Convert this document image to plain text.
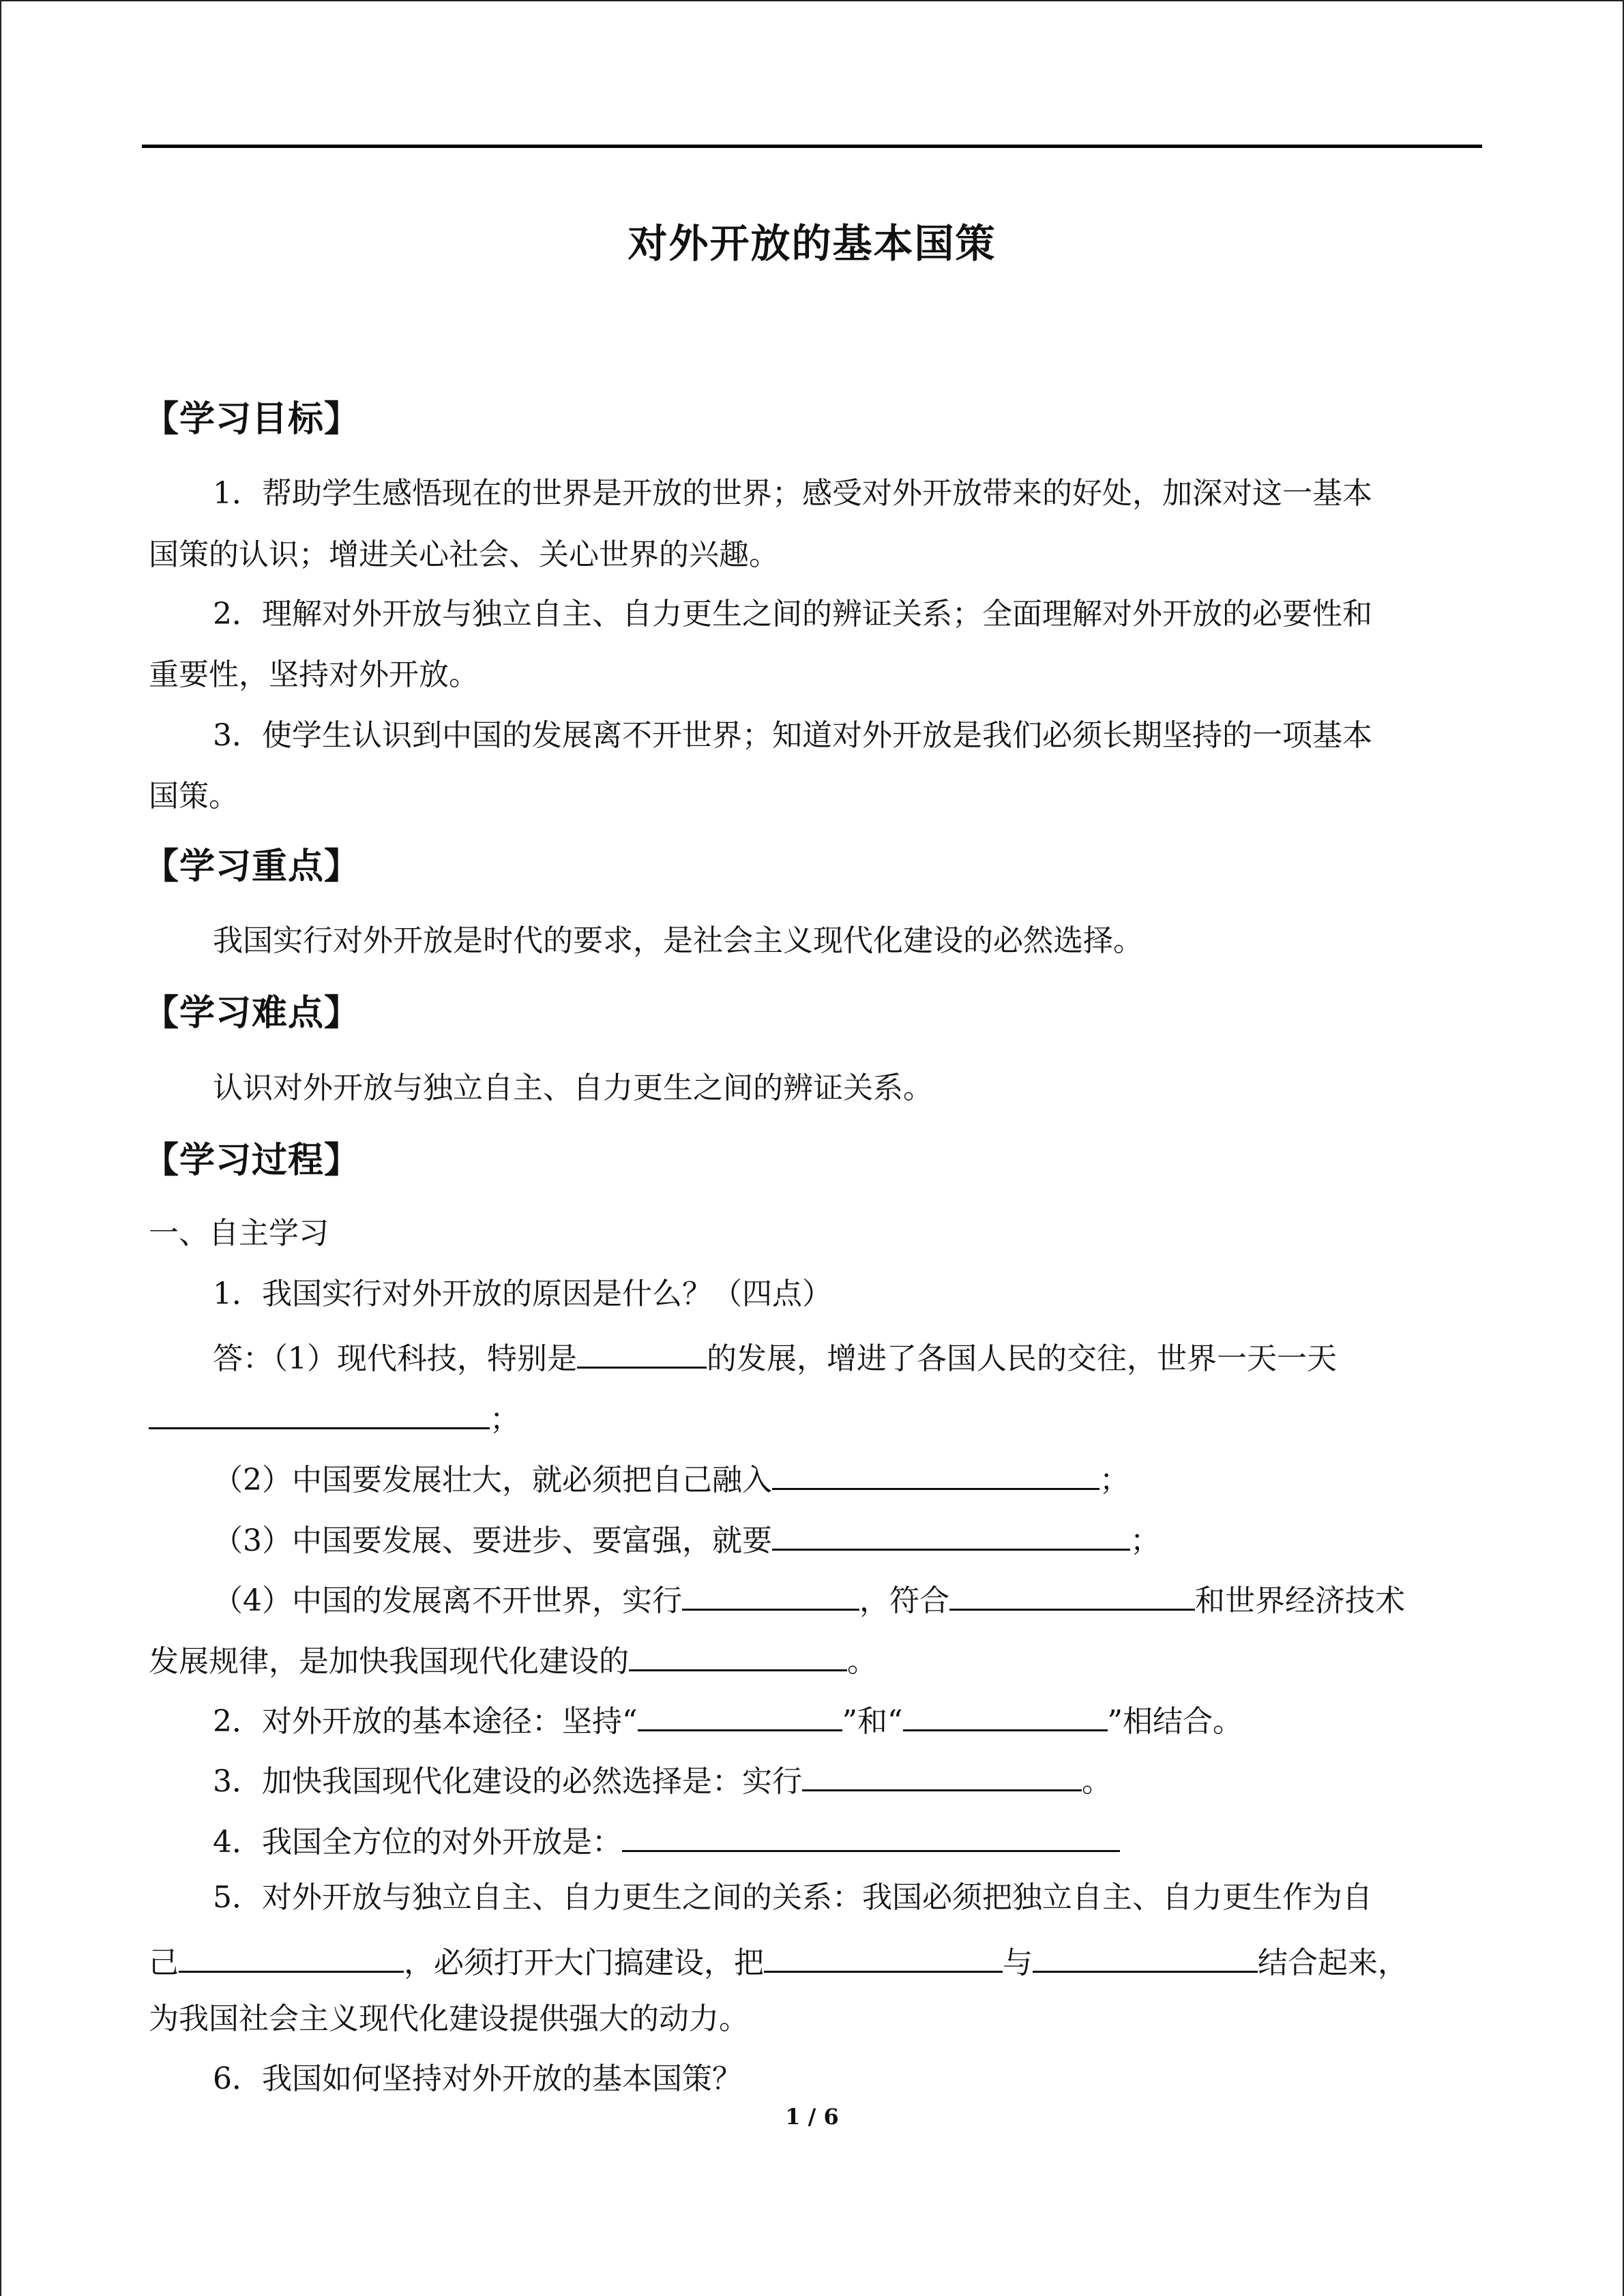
对外开放的基本国策
【学习目标】
1．帮助学生感悟现在的世界是开放的世界；感受对外开放带来的好处，加深对这一基本
国策的认识；增进关心社会、关心世界的兴趣。
2．理解对外开放与独立自主、自力更生之间的辨证关系；全面理解对外开放的必要性和
重要性，坚持对外开放。
3．使学生认识到中国的发展离不开世界；知道对外开放是我们必须长期坚持的一项基本
国策。
【学习重点】
我国实行对外开放是时代的要求，是社会主义现代化建设的必然选择。
【学习难点】
认识对外开放与独立自主、自力更生之间的辨证关系。
【学习过程】
一、自主学习
1．我国实行对外开放的原因是什么？（四点）
答：（1）现代科技，特别是	的发展，增进了各国人民的交往，世界一天一天
；
（2）中国要发展壮大，就必须把自己融入	；
（3）中国要发展、要进步、要富强，就要	；
（4）中国的发展离不开世界，实行	，符合	和世界经济技术
发展规律，是加快我国现代化建设的	。
2．对外开放的基本途径：坚持“	”和“	”相结合。
3．加快我国现代化建设的必然选择是：实行	。
4．我国全方位的对外开放是：
5．对外开放与独立自主、自力更生之间的关系：我国必须把独立自主、自力更生作为自
己	，必须打开大门搞建设，把	与	结合起来，
为我国社会主义现代化建设提供强大的动力。
6．我国如何坚持对外开放的基本国策？
1 / 6
